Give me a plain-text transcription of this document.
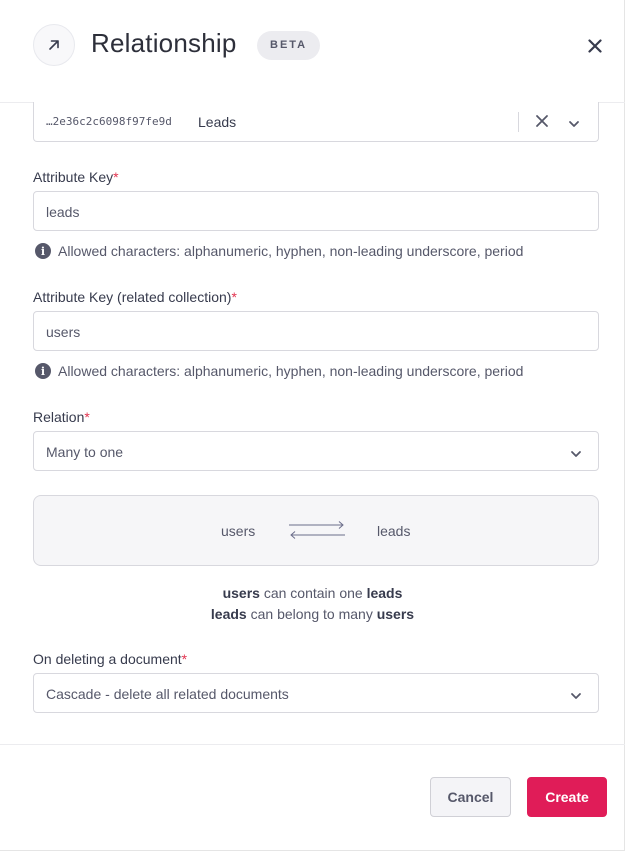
Relationship	BETA
…2e36c2c6098f97fe9d Leads
Attribute Key*
leads
i Allowed characters: alphanumeric, hyphen, non-leading underscore, period
Attribute Key (related collection)*
users
i Allowed characters: alphanumeric, hyphen, non-leading underscore, period
Relation*
Many to one
users	leads
users can contain one leads
leads can belong to many users
On deleting a document*
Cascade - delete all related documents
Cancel	Create
